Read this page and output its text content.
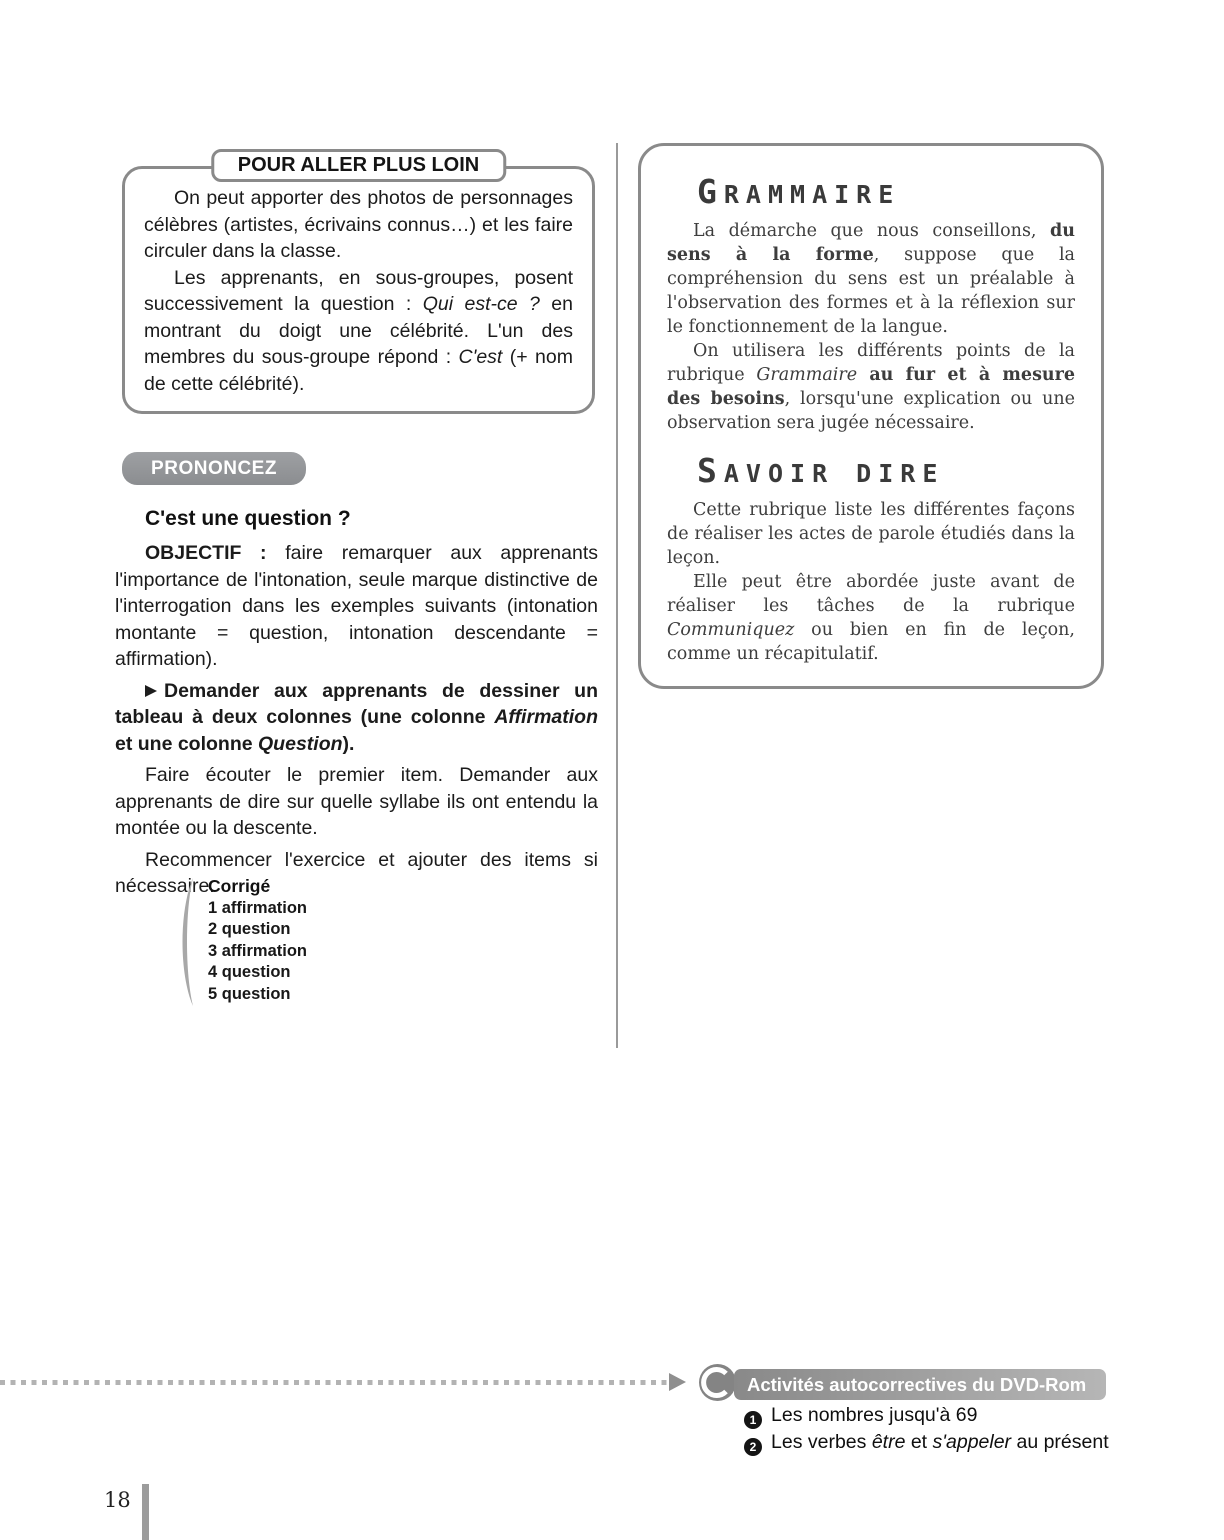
POUR ALLER PLUS LOIN

On peut apporter des photos de personnages célèbres (artistes, écrivains connus…) et les faire circuler dans la classe.

Les apprenants, en sous-groupes, posent successivement la question : Qui est-ce ? en montrant du doigt une célébrité. L'un des membres du sous-groupe répond : C'est (+ nom de cette célébrité).

PRONONCEZ
C'est une question ?

OBJECTIF : faire remarquer aux apprenants l'importance de l'intonation, seule marque distinctive de l'interrogation dans les exemples suivants (intonation montante = question, intonation descendante = affirmation).

Demander aux apprenants de dessiner un tableau à deux colonnes (une colonne Affirmation et une colonne Question).

Faire écouter le premier item. Demander aux apprenants de dire sur quelle syllabe ils ont entendu la montée ou la descente.

Recommencer l'exercice et ajouter des items si nécessaire.

Corrigé
1 affirmation
2 question
3 affirmation
4 question
5 question
GRAMMAIRE

La démarche que nous conseillons, du sens à la forme, suppose que la compréhension du sens est un préalable à l'observation des formes et à la réflexion sur le fonctionnement de la langue.

On utilisera les différents points de la rubrique Grammaire au fur et à mesure des besoins, lorsqu'une explication ou une observation sera jugée nécessaire.

SAVOIR DIRE

Cette rubrique liste les différentes façons de réaliser les actes de parole étudiés dans la leçon.

Elle peut être abordée juste avant de réaliser les tâches de la rubrique Communiquez ou bien en fin de leçon, comme un récapitulatif.

Activités autocorrectives du DVD-Rom
1 Les nombres jusqu'à 69
2 Les verbes être et s'appeler au présent
18
